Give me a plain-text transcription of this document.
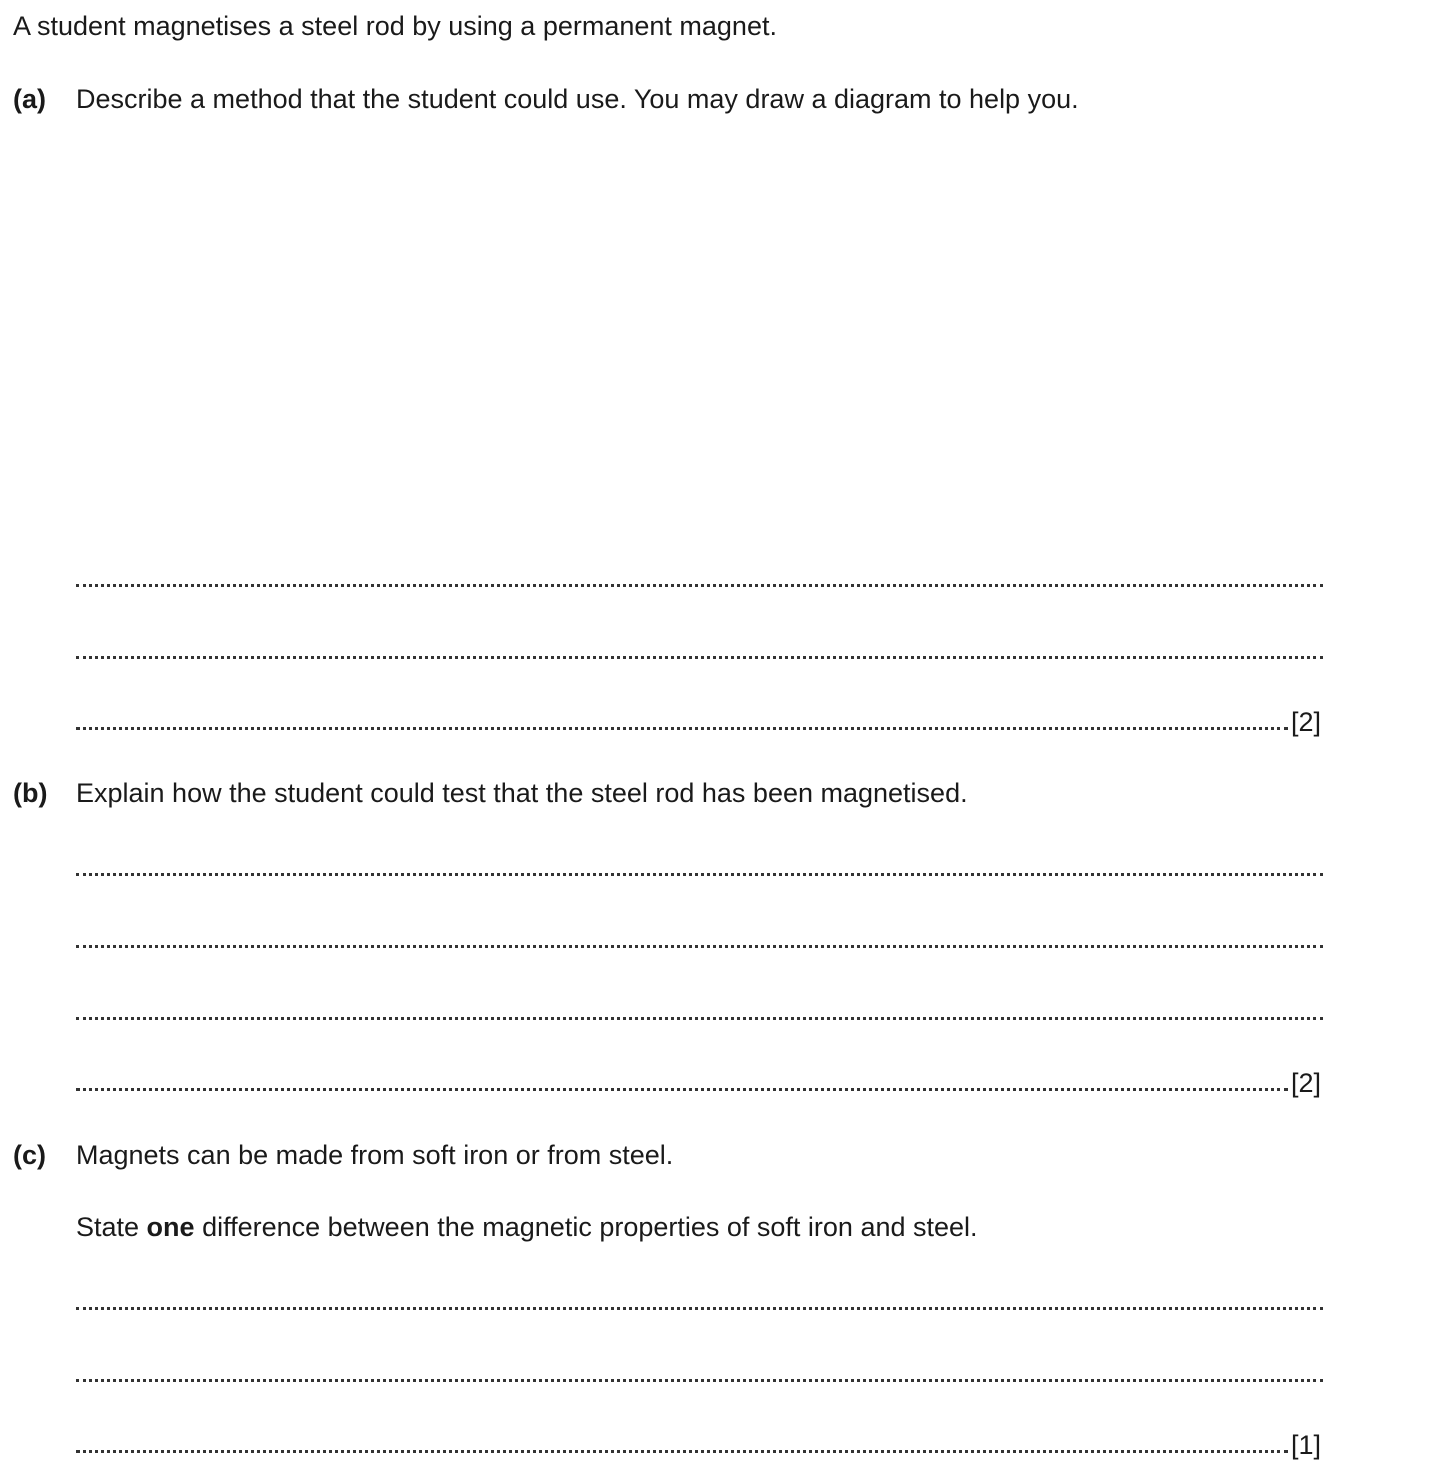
A student magnetises a steel rod by using a permanent magnet.
(a) Describe a method that the student could use. You may draw a diagram to help you.
[2]
(b) Explain how the student could test that the steel rod has been magnetised.
[2]
(c) Magnets can be made from soft iron or from steel.
State one difference between the magnetic properties of soft iron and steel.
[1]
